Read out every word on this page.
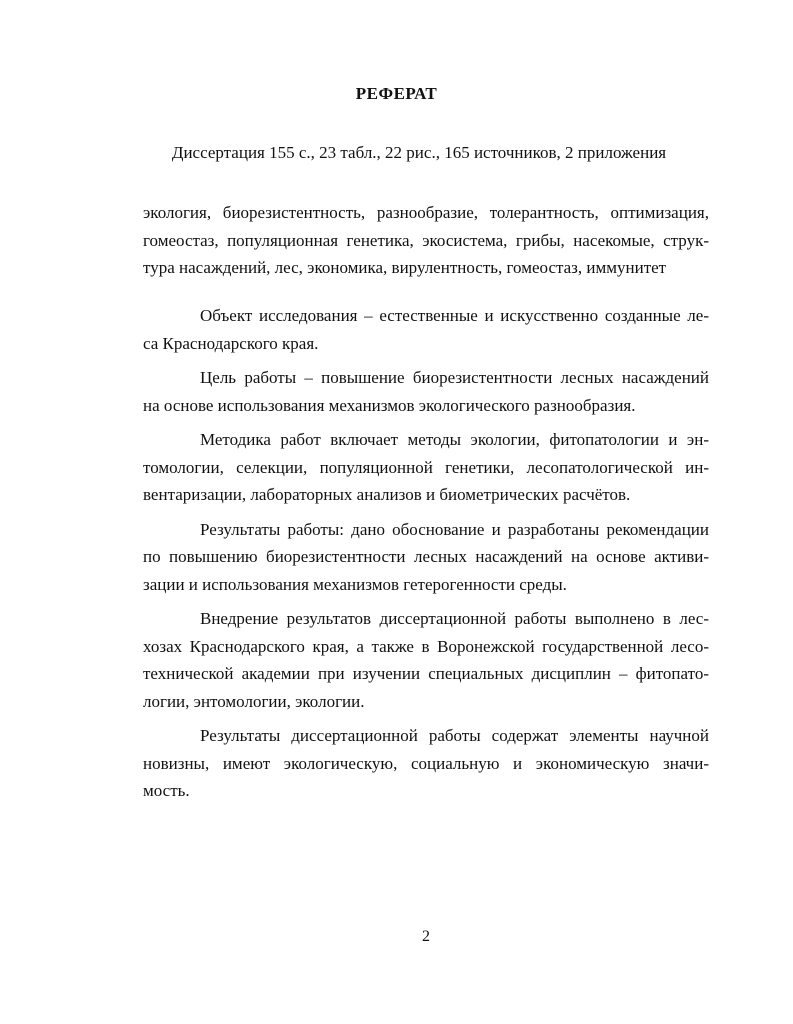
РЕФЕРАТ
Диссертация 155 с., 23 табл., 22 рис., 165 источников, 2 приложения
экология, биорезистентность, разнообразие, толерантность, оптимизация,
гомеостаз, популяционная генетика, экосистема, грибы, насекомые, струк-
тура насаждений, лес, экономика, вирулентность, гомеостаз, иммунитет
Объект исследования – естественные и искусственно созданные ле-
са Краснодарского края.
Цель работы – повышение биорезистентности лесных насаждений
на основе использования механизмов экологического разнообразия.
Методика работ включает методы экологии, фитопатологии и эн-
томологии, селекции, популяционной генетики, лесопатологической ин-
вентаризации, лабораторных анализов и биометрических расчётов.
Результаты работы: дано обоснование и разработаны рекомендации
по повышению биорезистентности лесных насаждений на основе активи-
зации и использования механизмов гетерогенности среды.
Внедрение результатов диссертационной работы выполнено в лес-
хозах Краснодарского края, а также в Воронежской государственной лесо-
технической академии при изучении специальных дисциплин – фитопато-
логии, энтомологии, экологии.
Результаты диссертационной работы содержат элементы научной
новизны, имеют экологическую, социальную и экономическую значи-
мость.
2
